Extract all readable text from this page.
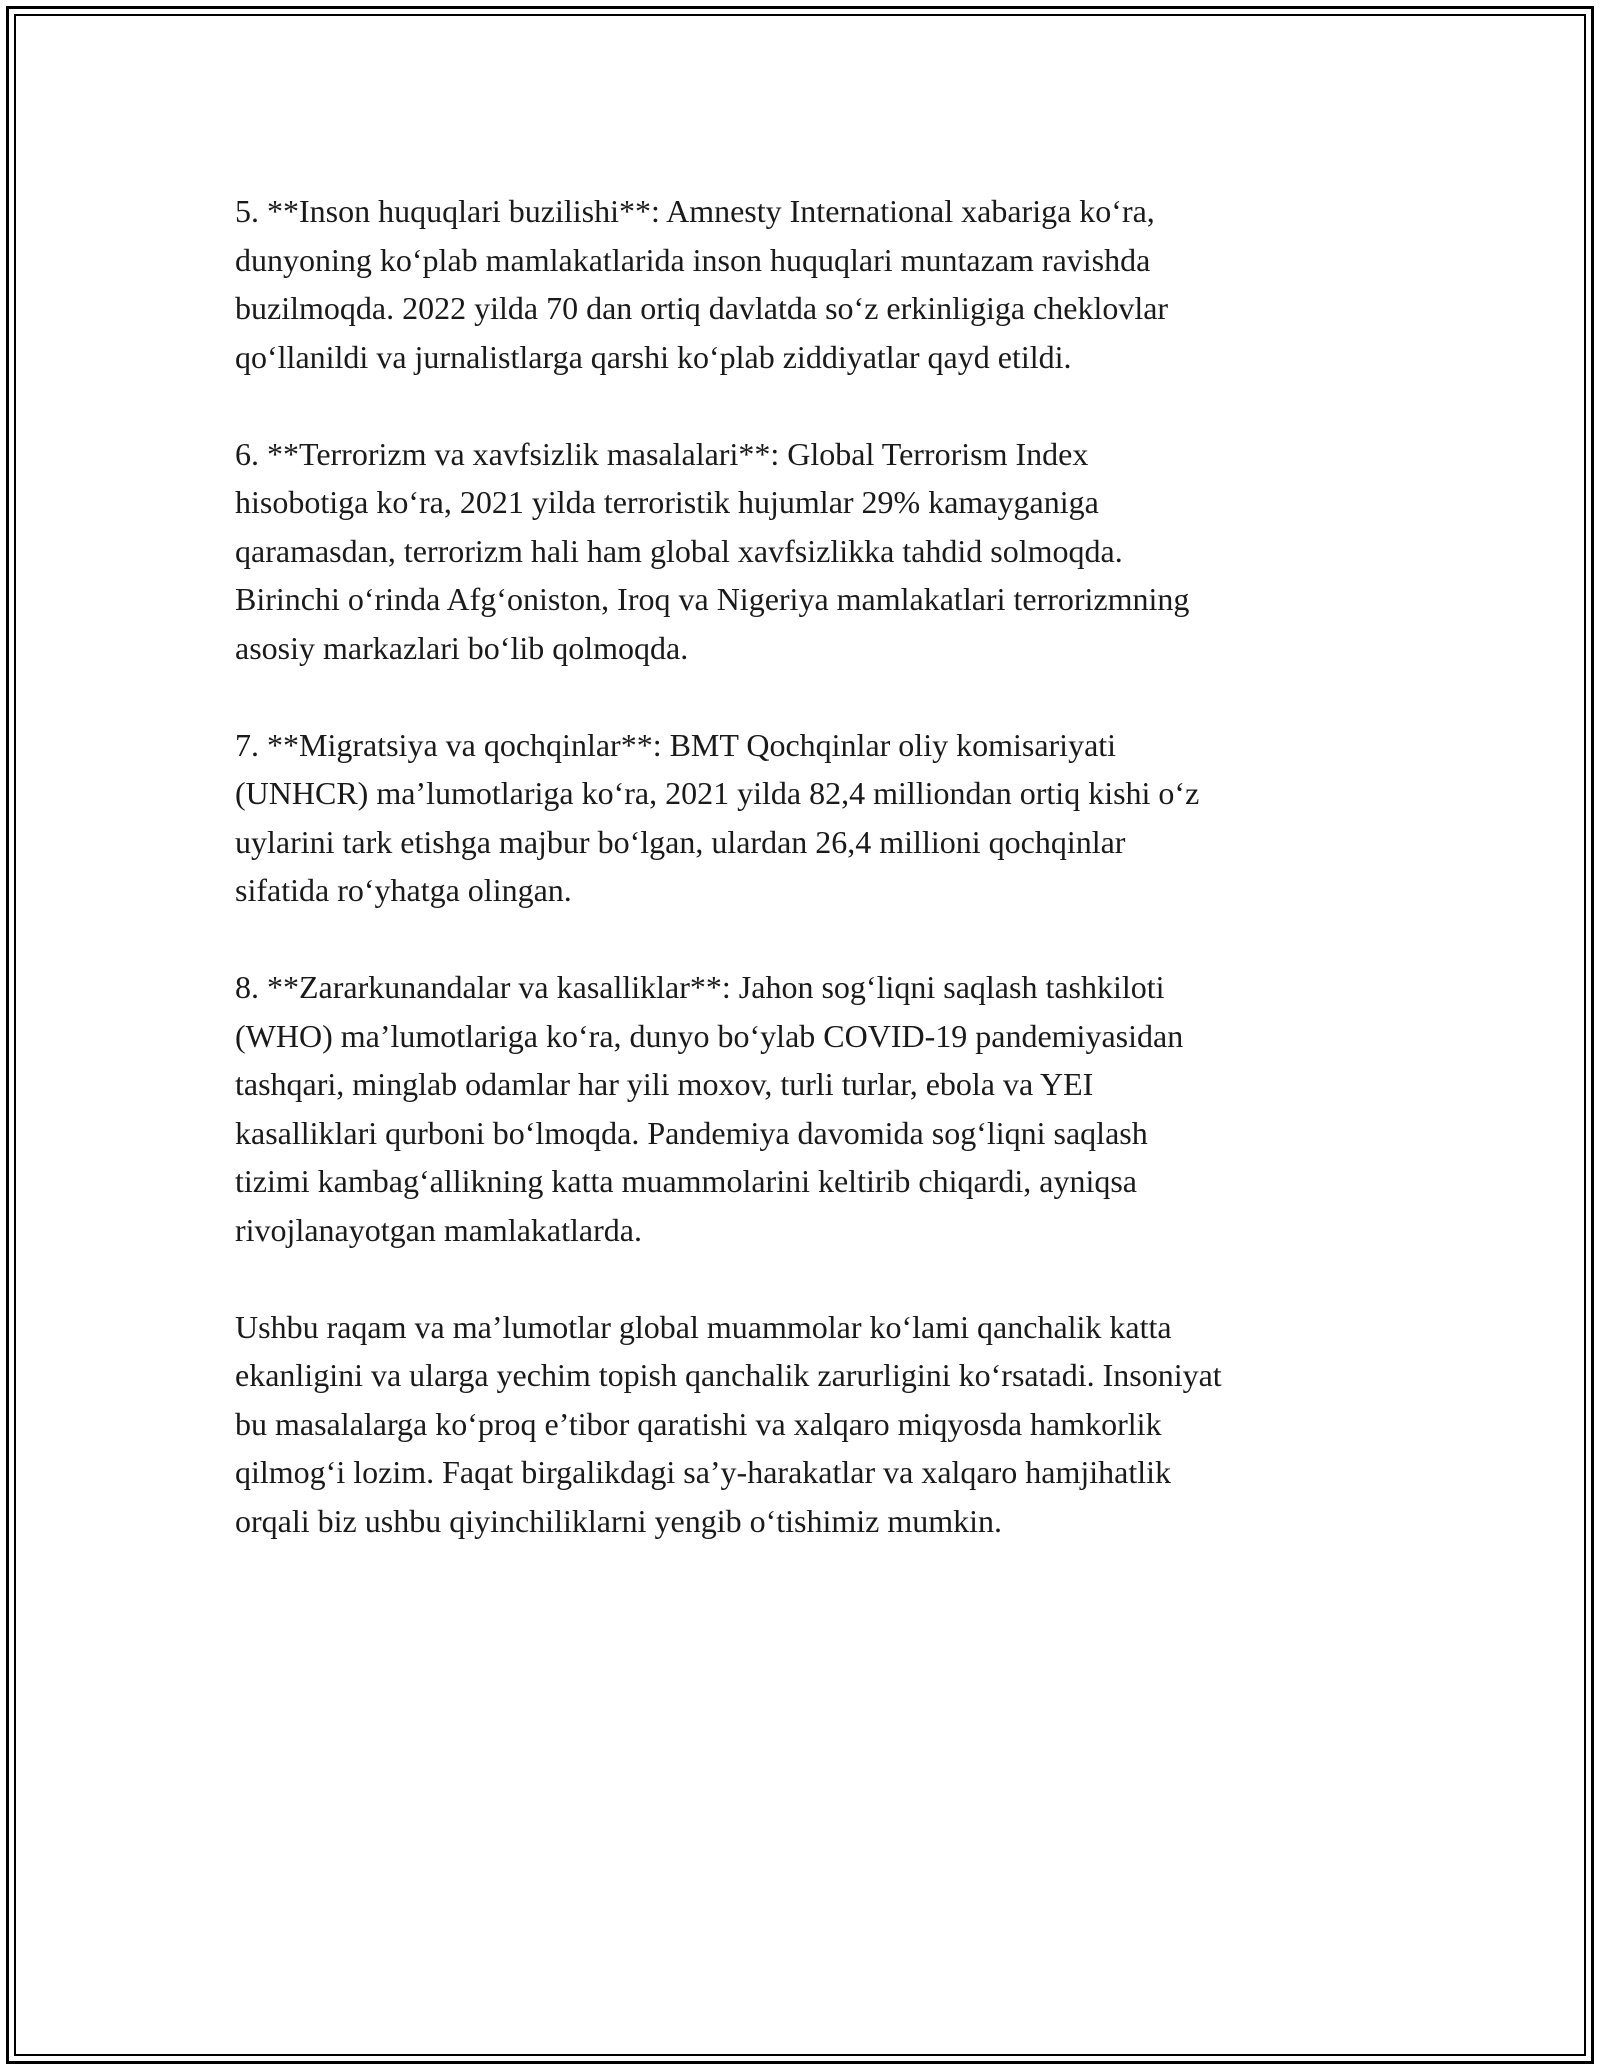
5. **Inson huquqlari buzilishi**: Amnesty International xabariga ko‘ra,
dunyoning ko‘plab mamlakatlarida inson huquqlari muntazam ravishda
buzilmoqda. 2022 yilda 70 dan ortiq davlatda so‘z erkinligiga cheklovlar
qo‘llanildi va jurnalistlarga qarshi ko‘plab ziddiyatlar qayd etildi.

6. **Terrorizm va xavfsizlik masalalari**: Global Terrorism Index
hisobotiga ko‘ra, 2021 yilda terroristik hujumlar 29% kamayganiga
qaramasdan, terrorizm hali ham global xavfsizlikka tahdid solmoqda.
Birinchi o‘rinda Afg‘oniston, Iroq va Nigeriya mamlakatlari terrorizmning
asosiy markazlari bo‘lib qolmoqda.

7. **Migratsiya va qochqinlar**: BMT Qochqinlar oliy komisariyati
(UNHCR) ma’lumotlariga ko‘ra, 2021 yilda 82,4 milliondan ortiq kishi o‘z
uylarini tark etishga majbur bo‘lgan, ulardan 26,4 millioni qochqinlar
sifatida ro‘yhatga olingan.

8. **Zararkunandalar va kasalliklar**: Jahon sog‘liqni saqlash tashkiloti
(WHO) ma’lumotlariga ko‘ra, dunyo bo‘ylab COVID-19 pandemiyasidan
tashqari, minglab odamlar har yili moxov, turli turlar, ebola va YEI
kasalliklari qurboni bo‘lmoqda. Pandemiya davomida sog‘liqni saqlash
tizimi kambag‘allikning katta muammolarini keltirib chiqardi, ayniqsa
rivojlanayotgan mamlakatlarda.

Ushbu raqam va ma’lumotlar global muammolar ko‘lami qanchalik katta
ekanligini va ularga yechim topish qanchalik zarurligini ko‘rsatadi. Insoniyat
bu masalalarga ko‘proq e’tibor qaratishi va xalqaro miqyosda hamkorlik
qilmog‘i lozim. Faqat birgalikdagi sa’y-harakatlar va xalqaro hamjihatlik
orqali biz ushbu qiyinchiliklarni yengib o‘tishimiz mumkin.
